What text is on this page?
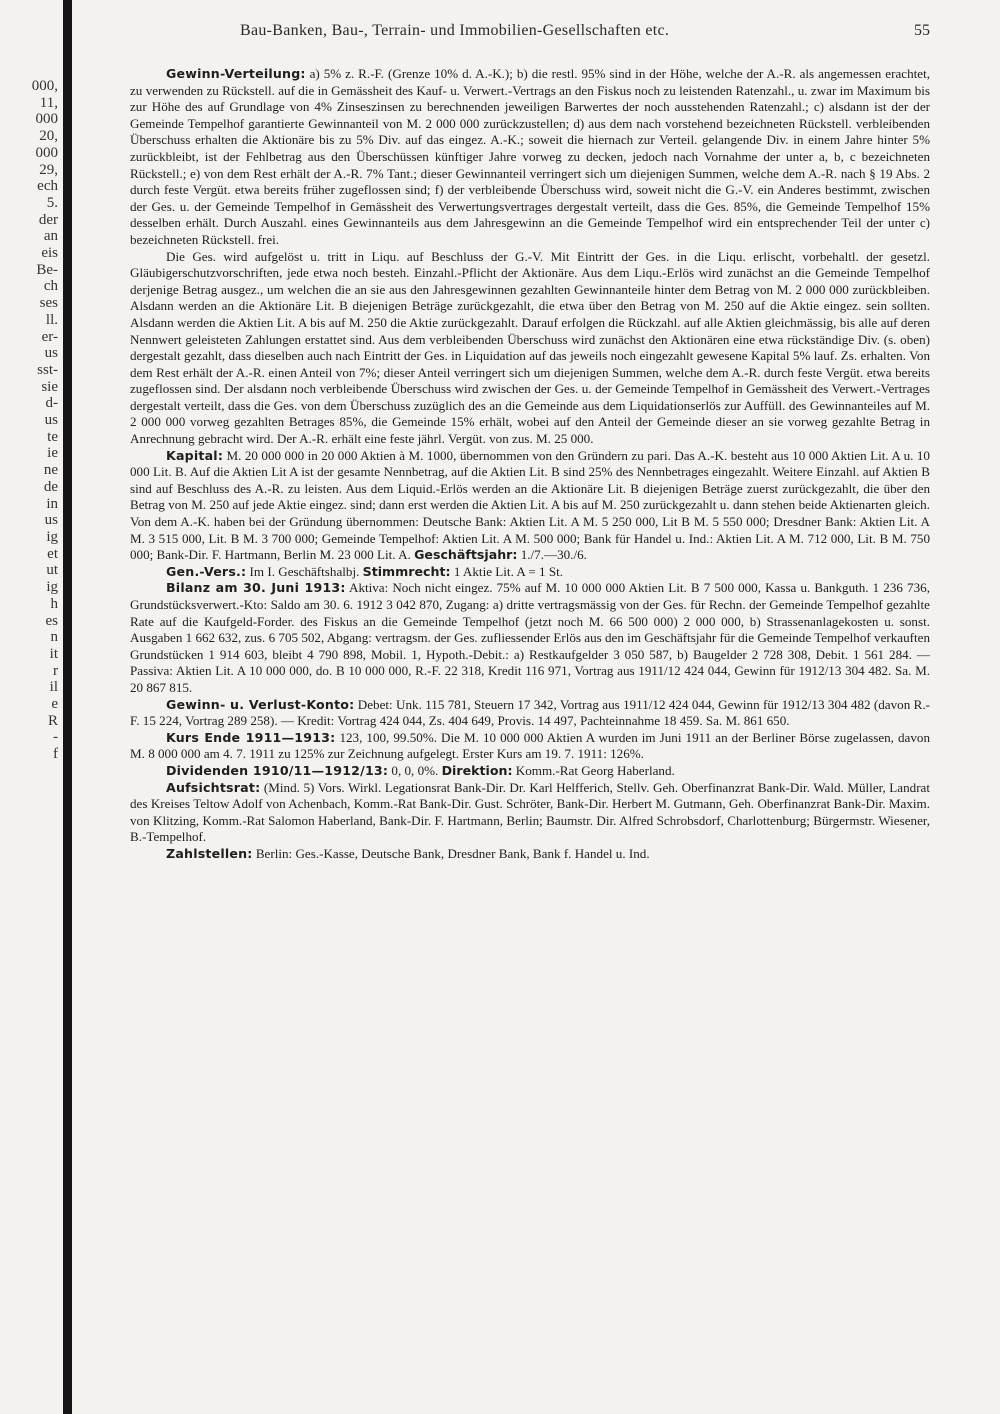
000,
11,
000
20,
000
29,
ech
5.
der
an
eis
Be-
ch
ses
ll.
er-
us
sst-
sie
d-
us
te
ie
ne
de
in
us
ig
et
ut
ig
h
es
n
it
r
il
e
R
-
f
Bau-Banken, Bau-, Terrain- und Immobilien-Gesellschaften etc.	55

Gewinn-Verteilung: a) 5% z. R.-F. (Grenze 10% d. A.-K.); b) die restl. 95% sind in der Höhe, welche der A.-R. als angemessen erachtet, zu verwenden zu Rückstell. auf die in Gemässheit des Kauf- u. Verwert.-Vertrags an den Fiskus noch zu leistenden Ratenzahl., u. zwar im Maximum bis zur Höhe des auf Grundlage von 4% Zinseszinsen zu berechnenden jeweiligen Barwertes der noch ausstehenden Ratenzahl.; c) alsdann ist der der Gemeinde Tempelhof garantierte Gewinnanteil von M. 2 000 000 zurückzustellen; d) aus dem nach vorstehend bezeichneten Rückstell. verbleibenden Überschuss erhalten die Aktionäre bis zu 5% Div. auf das eingez. A.-K.; soweit die hiernach zur Verteil. gelangende Div. in einem Jahre hinter 5% zurückbleibt, ist der Fehlbetrag aus den Überschüssen künftiger Jahre vorweg zu decken, jedoch nach Vornahme der unter a, b, c bezeichneten Rückstell.; e) von dem Rest erhält der A.-R. 7% Tant.; dieser Gewinnanteil verringert sich um diejenigen Summen, welche dem A.-R. nach § 19 Abs. 2 durch feste Vergüt. etwa bereits früher zugeflossen sind; f) der verbleibende Überschuss wird, soweit nicht die G.-V. ein Anderes bestimmt, zwischen der Ges. u. der Gemeinde Tempelhof in Gemässheit des Verwertungsvertrages dergestalt verteilt, dass die Ges. 85%, die Gemeinde Tempelhof 15% desselben erhält. Durch Auszahl. eines Gewinnanteils aus dem Jahresgewinn an die Gemeinde Tempelhof wird ein entsprechender Teil der unter c) bezeichneten Rückstell. frei.

Die Ges. wird aufgelöst u. tritt in Liqu. auf Beschluss der G.-V. Mit Eintritt der Ges. in die Liqu. erlischt, vorbehaltl. der gesetzl. Gläubigerschutzvorschriften, jede etwa noch besteh. Einzahl.-Pflicht der Aktionäre. Aus dem Liqu.-Erlös wird zunächst an die Gemeinde Tempelhof derjenige Betrag ausgez., um welchen die an sie aus den Jahresgewinnen gezahlten Gewinnanteile hinter dem Betrag von M. 2 000 000 zurückbleiben. Alsdann werden an die Aktionäre Lit. B diejenigen Beträge zurückgezahlt, die etwa über den Betrag von M. 250 auf die Aktie eingez. sein sollten. Alsdann werden die Aktien Lit. A bis auf M. 250 die Aktie zurückgezahlt. Darauf erfolgen die Rückzahl. auf alle Aktien gleichmässig, bis alle auf deren Nennwert geleisteten Zahlungen erstattet sind. Aus dem verbleibenden Überschuss wird zunächst den Aktionären eine etwa rückständige Div. (s. oben) dergestalt gezahlt, dass dieselben auch nach Eintritt der Ges. in Liquidation auf das jeweils noch eingezahlt gewesene Kapital 5% lauf. Zs. erhalten. Von dem Rest erhält der A.-R. einen Anteil von 7%; dieser Anteil verringert sich um diejenigen Summen, welche dem A.-R. durch feste Vergüt. etwa bereits zugeflossen sind. Der alsdann noch verbleibende Überschuss wird zwischen der Ges. u. der Gemeinde Tempelhof in Gemässheit des Verwert.-Vertrages dergestalt verteilt, dass die Ges. von dem Überschuss zuzüglich des an die Gemeinde aus dem Liquidationserlös zur Auffüll. des Gewinnanteiles auf M. 2 000 000 vorweg gezahlten Betrages 85%, die Gemeinde 15% erhält, wobei auf den Anteil der Gemeinde dieser an sie vorweg gezahlte Betrag in Anrechnung gebracht wird. Der A.-R. erhält eine feste jährl. Vergüt. von zus. M. 25 000.

Kapital: M. 20 000 000 in 20 000 Aktien à M. 1000, übernommen von den Gründern zu pari. Das A.-K. besteht aus 10 000 Aktien Lit. A u. 10 000 Lit. B. Auf die Aktien Lit A ist der gesamte Nennbetrag, auf die Aktien Lit. B sind 25% des Nennbetrages eingezahlt. Weitere Einzahl. auf Aktien B sind auf Beschluss des A.-R. zu leisten. Aus dem Liquid.-Erlös werden an die Aktionäre Lit. B diejenigen Beträge zuerst zurückgezahlt, die über den Betrag von M. 250 auf jede Aktie eingez. sind; dann erst werden die Aktien Lit. A bis auf M. 250 zurückgezahlt u. dann stehen beide Aktienarten gleich. Von dem A.-K. haben bei der Gründung übernommen: Deutsche Bank: Aktien Lit. A M. 5 250 000, Lit B M. 5 550 000; Dresdner Bank: Aktien Lit. A M. 3 515 000, Lit. B M. 3 700 000; Gemeinde Tempelhof: Aktien Lit. A M. 500 000; Bank für Handel u. Ind.: Aktien Lit. A M. 712 000, Lit. B M. 750 000; Bank-Dir. F. Hartmann, Berlin M. 23 000 Lit. A. Geschäftsjahr: 1./7.—30./6.

Gen.-Vers.: Im I. Geschäftshalbj. Stimmrecht: 1 Aktie Lit. A = 1 St.

Bilanz am 30. Juni 1913: Aktiva: Noch nicht eingez. 75% auf M. 10 000 000 Aktien Lit. B 7 500 000, Kassa u. Bankguth. 1 236 736, Grundstücksverwert.-Kto: Saldo am 30. 6. 1912 3 042 870, Zugang: a) dritte vertragsmässig von der Ges. für Rechn. der Gemeinde Tempelhof gezahlte Rate auf die Kaufgeld-Forder. des Fiskus an die Gemeinde Tempelhof (jetzt noch M. 66 500 000) 2 000 000, b) Strassenanlagekosten u. sonst. Ausgaben 1 662 632, zus. 6 705 502, Abgang: vertragsm. der Ges. zufliessender Erlös aus den im Geschäftsjahr für die Gemeinde Tempelhof verkauften Grundstücken 1 914 603, bleibt 4 790 898, Mobil. 1, Hypoth.-Debit.: a) Restkaufgelder 3 050 587, b) Baugelder 2 728 308, Debit. 1 561 284. — Passiva: Aktien Lit. A 10 000 000, do. B 10 000 000, R.-F. 22 318, Kredit 116 971, Vortrag aus 1911/12 424 044, Gewinn für 1912/13 304 482. Sa. M. 20 867 815.

Gewinn- u. Verlust-Konto: Debet: Unk. 115 781, Steuern 17 342, Vortrag aus 1911/12 424 044, Gewinn für 1912/13 304 482 (davon R.-F. 15 224, Vortrag 289 258). — Kredit: Vortrag 424 044, Zs. 404 649, Provis. 14 497, Pachteinnahme 18 459. Sa. M. 861 650.

Kurs Ende 1911—1913: 123, 100, 99.50%. Die M. 10 000 000 Aktien A wurden im Juni 1911 an der Berliner Börse zugelassen, davon M. 8 000 000 am 4. 7. 1911 zu 125% zur Zeichnung aufgelegt. Erster Kurs am 19. 7. 1911: 126%.

Dividenden 1910/11—1912/13: 0, 0, 0%. Direktion: Komm.-Rat Georg Haberland.

Aufsichtsrat: (Mind. 5) Vors. Wirkl. Legationsrat Bank-Dir. Dr. Karl Helfferich, Stellv. Geh. Oberfinanzrat Bank-Dir. Wald. Müller, Landrat des Kreises Teltow Adolf von Achenbach, Komm.-Rat Bank-Dir. Gust. Schröter, Bank-Dir. Herbert M. Gutmann, Geh. Oberfinanzrat Bank-Dir. Maxim. von Klitzing, Komm.-Rat Salomon Haberland, Bank-Dir. F. Hartmann, Berlin; Baumstr. Dir. Alfred Schrobsdorf, Charlottenburg; Bürgermstr. Wiesener, B.-Tempelhof.

Zahlstellen: Berlin: Ges.-Kasse, Deutsche Bank, Dresdner Bank, Bank f. Handel u. Ind.
